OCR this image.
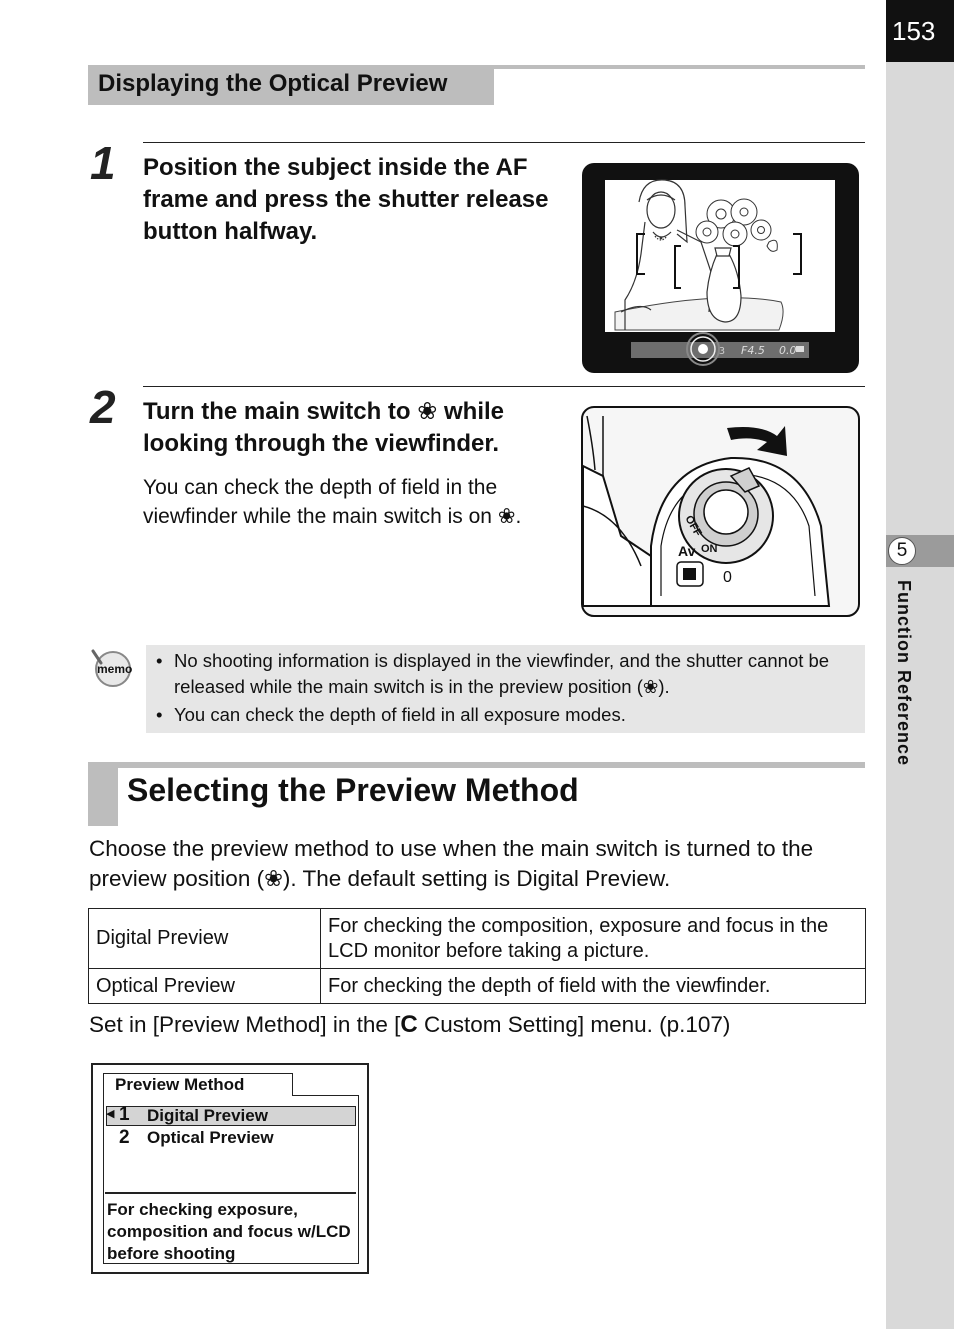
153
5
Function Reference
Displaying the Optical Preview
1 Position the subject inside the AF frame and press the shutter release button halfway.
3 F4.5 0.0
2 Turn the main switch to ❀ while looking through the viewfinder.
You can check the depth of field in the viewfinder while the main switch is on ❀.	OFF
ON
Av
0
memo	• No shooting information is displayed in the viewfinder, and the shutter cannot be released while the main switch is in the preview position (❀).
• You can check the depth of field in all exposure modes.
Selecting the Preview Method
Choose the preview method to use when the main switch is turned to the preview position (❀). The default setting is Digital Preview.
Digital Preview	For checking the composition, exposure and focus in the LCD monitor before taking a picture.
Optical Preview	For checking the depth of field with the viewfinder.
Set in [Preview Method] in the [C Custom Setting] menu. (p.107)
Preview Method
◀ 1 Digital Preview
2 Optical Preview
For checking exposure, composition and focus w/LCD before shooting
